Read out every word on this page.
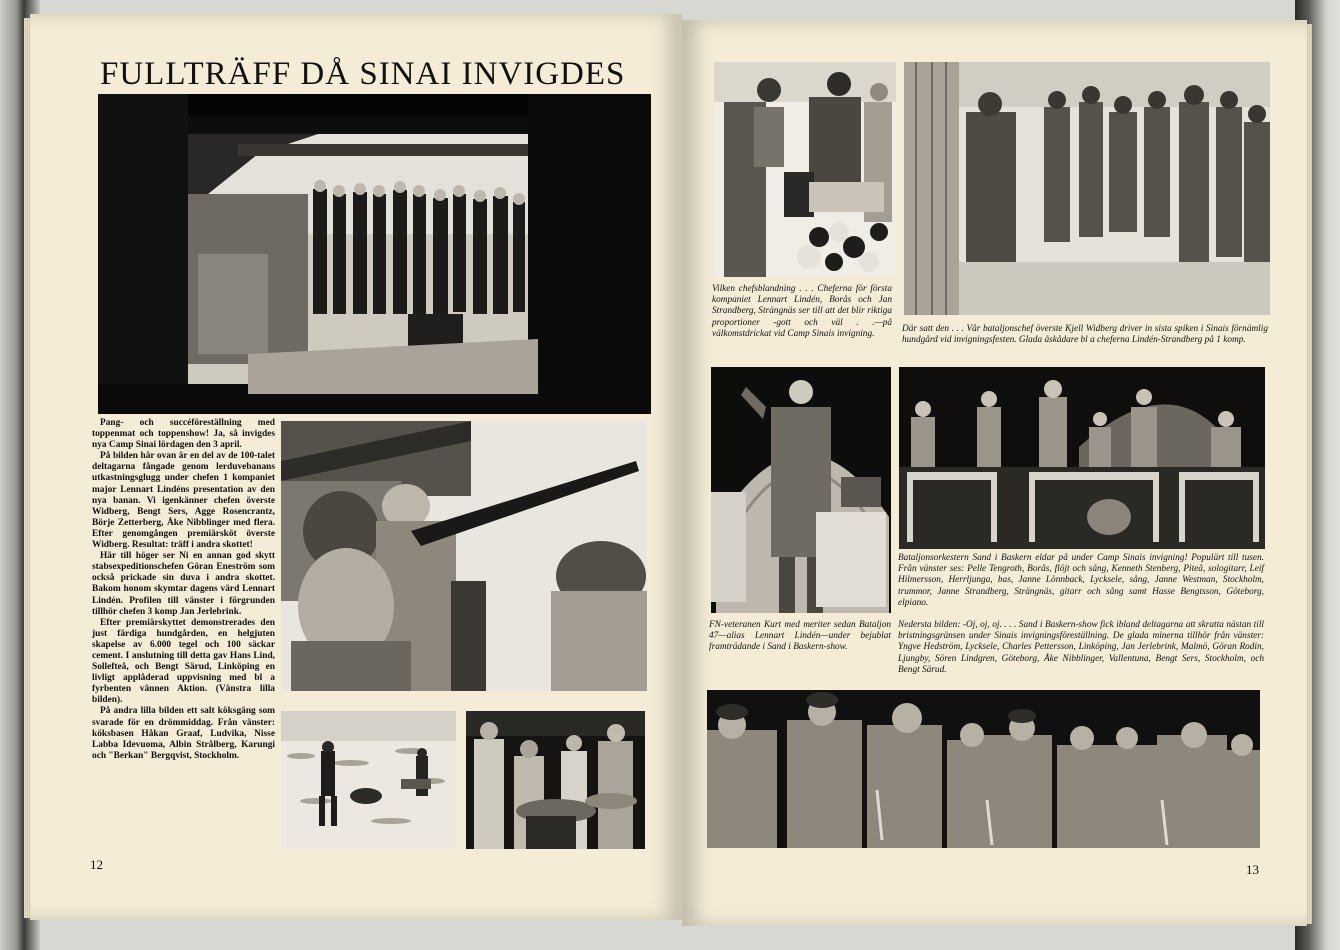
FULLTRÄFF DÅ SINAI INVIGDES

Pang- och succéföreställning med toppenmat och toppenshow! Ja, så invigdes nya Camp Sinai lördagen den 3 april.

På bilden här ovan är en del av de 100-talet deltagarna fångade genom lerduvebanans utkastningsglugg under chefen 1 kompaniet major Lennart Lindéns presentation av den nya banan. Vi igenkänner chefen överste Widberg, Bengt Sers, Agge Rosencrantz, Börje Zetterberg, Åke Nibblinger med flera. Efter genomgången premiärsköt överste Widberg. Resultat: träff i andra skottet!

Här till höger ser Ni en annan god skytt stabsexpeditionschefen Göran Eneström som också prickade sin duva i andra skottet. Bakom honom skymtar dagens värd Lennart Lindén. Profilen till vänster i förgrunden tillhör chefen 3 komp Jan Jerlebrink.

Efter premiärskyttet demonstrerades den just färdiga hundgården, en helgjuten skapelse av 6.000 tegel och 100 säckar cement. I anslutning till detta gav Hans Lind, Sollefteå, och Bengt Särud, Linköping en livligt applåderad uppvisning med bl a fyrbenten vännen Aktion. (Vänstra lilla bilden).

På andra lilla bilden ett salt köksgäng som svarade för en drömmiddag. Från vänster: köksbasen Håkan Graaf, Ludvika, Nisse Labba Idevuoma, Albin Strålberg, Karungi och "Berkan" Bergqvist, Stockholm.

12
Vilken chefsblandning . . . Cheferna för första kompaniet Lennart Lindén, Borås och Jan Strandberg, Strängnäs ser till att det blir riktiga proportioner -gott och väl . .—på välkomstdrickat vid Camp Sinais invigning.	Där satt den . . . Vår bataljonschef överste Kjell Widberg driver in sista spiken i Sinais förnämlig hundgård vid invigningsfesten. Glada åskådare bl a cheferna Lindén-Strandberg på 1 komp.
Bataljonsorkestern Sand i Baskern eldar på under Camp Sinais invigning! Populärt till tusen. Från vänster ses: Pelle Tengroth, Borås, flöjt och sång, Kenneth Stenberg, Piteå, sologitarr, Leif Hilmersson, Herrljunga, bas, Janne Lönnback, Lycksele, sång, Janne Westman, Stockholm, trummor, Janne Strandberg, Strängnäs, gitarr och sång samt Hasse Bengtsson, Göteborg, elpiano.
FN-veteranen Kurt med meriter sedan Bataljon 47—alias Lennart Lindén—under bejublat framträdande i Sand i Baskern-show.
Nedersta bilden: -Oj, oj, oj. . . . Sand i Baskern-show fick ibland deltagarna att skratta nästan till bristningsgränsen under Sinais invigningsföreställning. De glada minerna tillhör från vänster: Yngve Hedström, Lycksele, Charles Pettersson, Linköping, Jan Jerlebrink, Malmö, Göran Rodin, Ljungby, Sören Lindgren, Göteborg, Åke Nibblinger, Vallentuna, Bengt Sers, Stockholm, och Bengt Särud.
13
